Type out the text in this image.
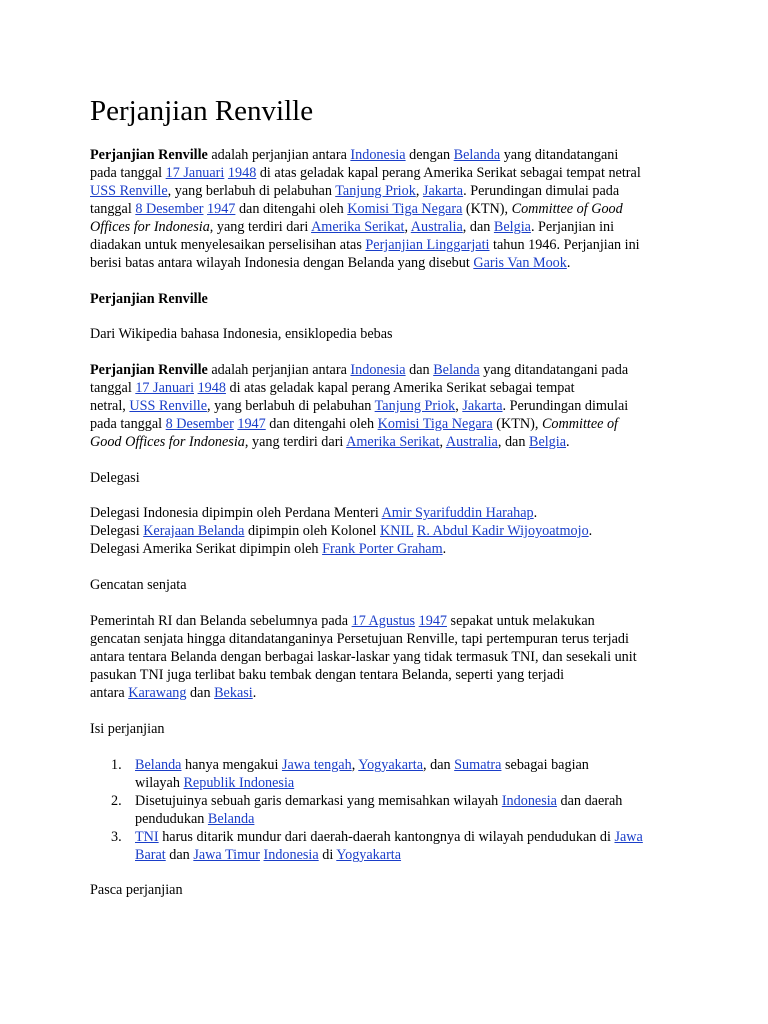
Perjanjian Renville
Perjanjian Renville adalah perjanjian antara Indonesia dengan Belanda yang ditandatangani
pada tanggal 17 Januari 1948 di atas geladak kapal perang Amerika Serikat sebagai tempat netral
USS Renville, yang berlabuh di pelabuhan Tanjung Priok, Jakarta. Perundingan dimulai pada
tanggal 8 Desember 1947 dan ditengahi oleh Komisi Tiga Negara (KTN), Committee of Good
Offices for Indonesia, yang terdiri dari Amerika Serikat, Australia, dan Belgia. Perjanjian ini
diadakan untuk menyelesaikan perselisihan atas Perjanjian Linggarjati tahun 1946. Perjanjian ini
berisi batas antara wilayah Indonesia dengan Belanda yang disebut Garis Van Mook.
Perjanjian Renville
Dari Wikipedia bahasa Indonesia, ensiklopedia bebas
Perjanjian Renville adalah perjanjian antara Indonesia dan Belanda yang ditandatangani pada
tanggal 17 Januari 1948 di atas geladak kapal perang Amerika Serikat sebagai tempat
netral, USS Renville, yang berlabuh di pelabuhan Tanjung Priok, Jakarta. Perundingan dimulai
pada tanggal 8 Desember 1947 dan ditengahi oleh Komisi Tiga Negara (KTN), Committee of
Good Offices for Indonesia, yang terdiri dari Amerika Serikat, Australia, dan Belgia.
Delegasi
Delegasi Indonesia dipimpin oleh Perdana Menteri Amir Syarifuddin Harahap.
Delegasi Kerajaan Belanda dipimpin oleh Kolonel KNIL R. Abdul Kadir Wijoyoatmojo.
Delegasi Amerika Serikat dipimpin oleh Frank Porter Graham.
Gencatan senjata
Pemerintah RI dan Belanda sebelumnya pada 17 Agustus 1947 sepakat untuk melakukan
gencatan senjata hingga ditandatanganinya Persetujuan Renville, tapi pertempuran terus terjadi
antara tentara Belanda dengan berbagai laskar-laskar yang tidak termasuk TNI, dan sesekali unit
pasukan TNI juga terlibat baku tembak dengan tentara Belanda, seperti yang terjadi
antara Karawang dan Bekasi.
Isi perjanjian
1. Belanda hanya mengakui Jawa tengah, Yogyakarta, dan Sumatra sebagai bagian
wilayah Republik Indonesia
2. Disetujuinya sebuah garis demarkasi yang memisahkan wilayah Indonesia dan daerah
pendudukan Belanda
3. TNI harus ditarik mundur dari daerah-daerah kantongnya di wilayah pendudukan di Jawa
Barat dan Jawa Timur Indonesia di Yogyakarta
Pasca perjanjian
